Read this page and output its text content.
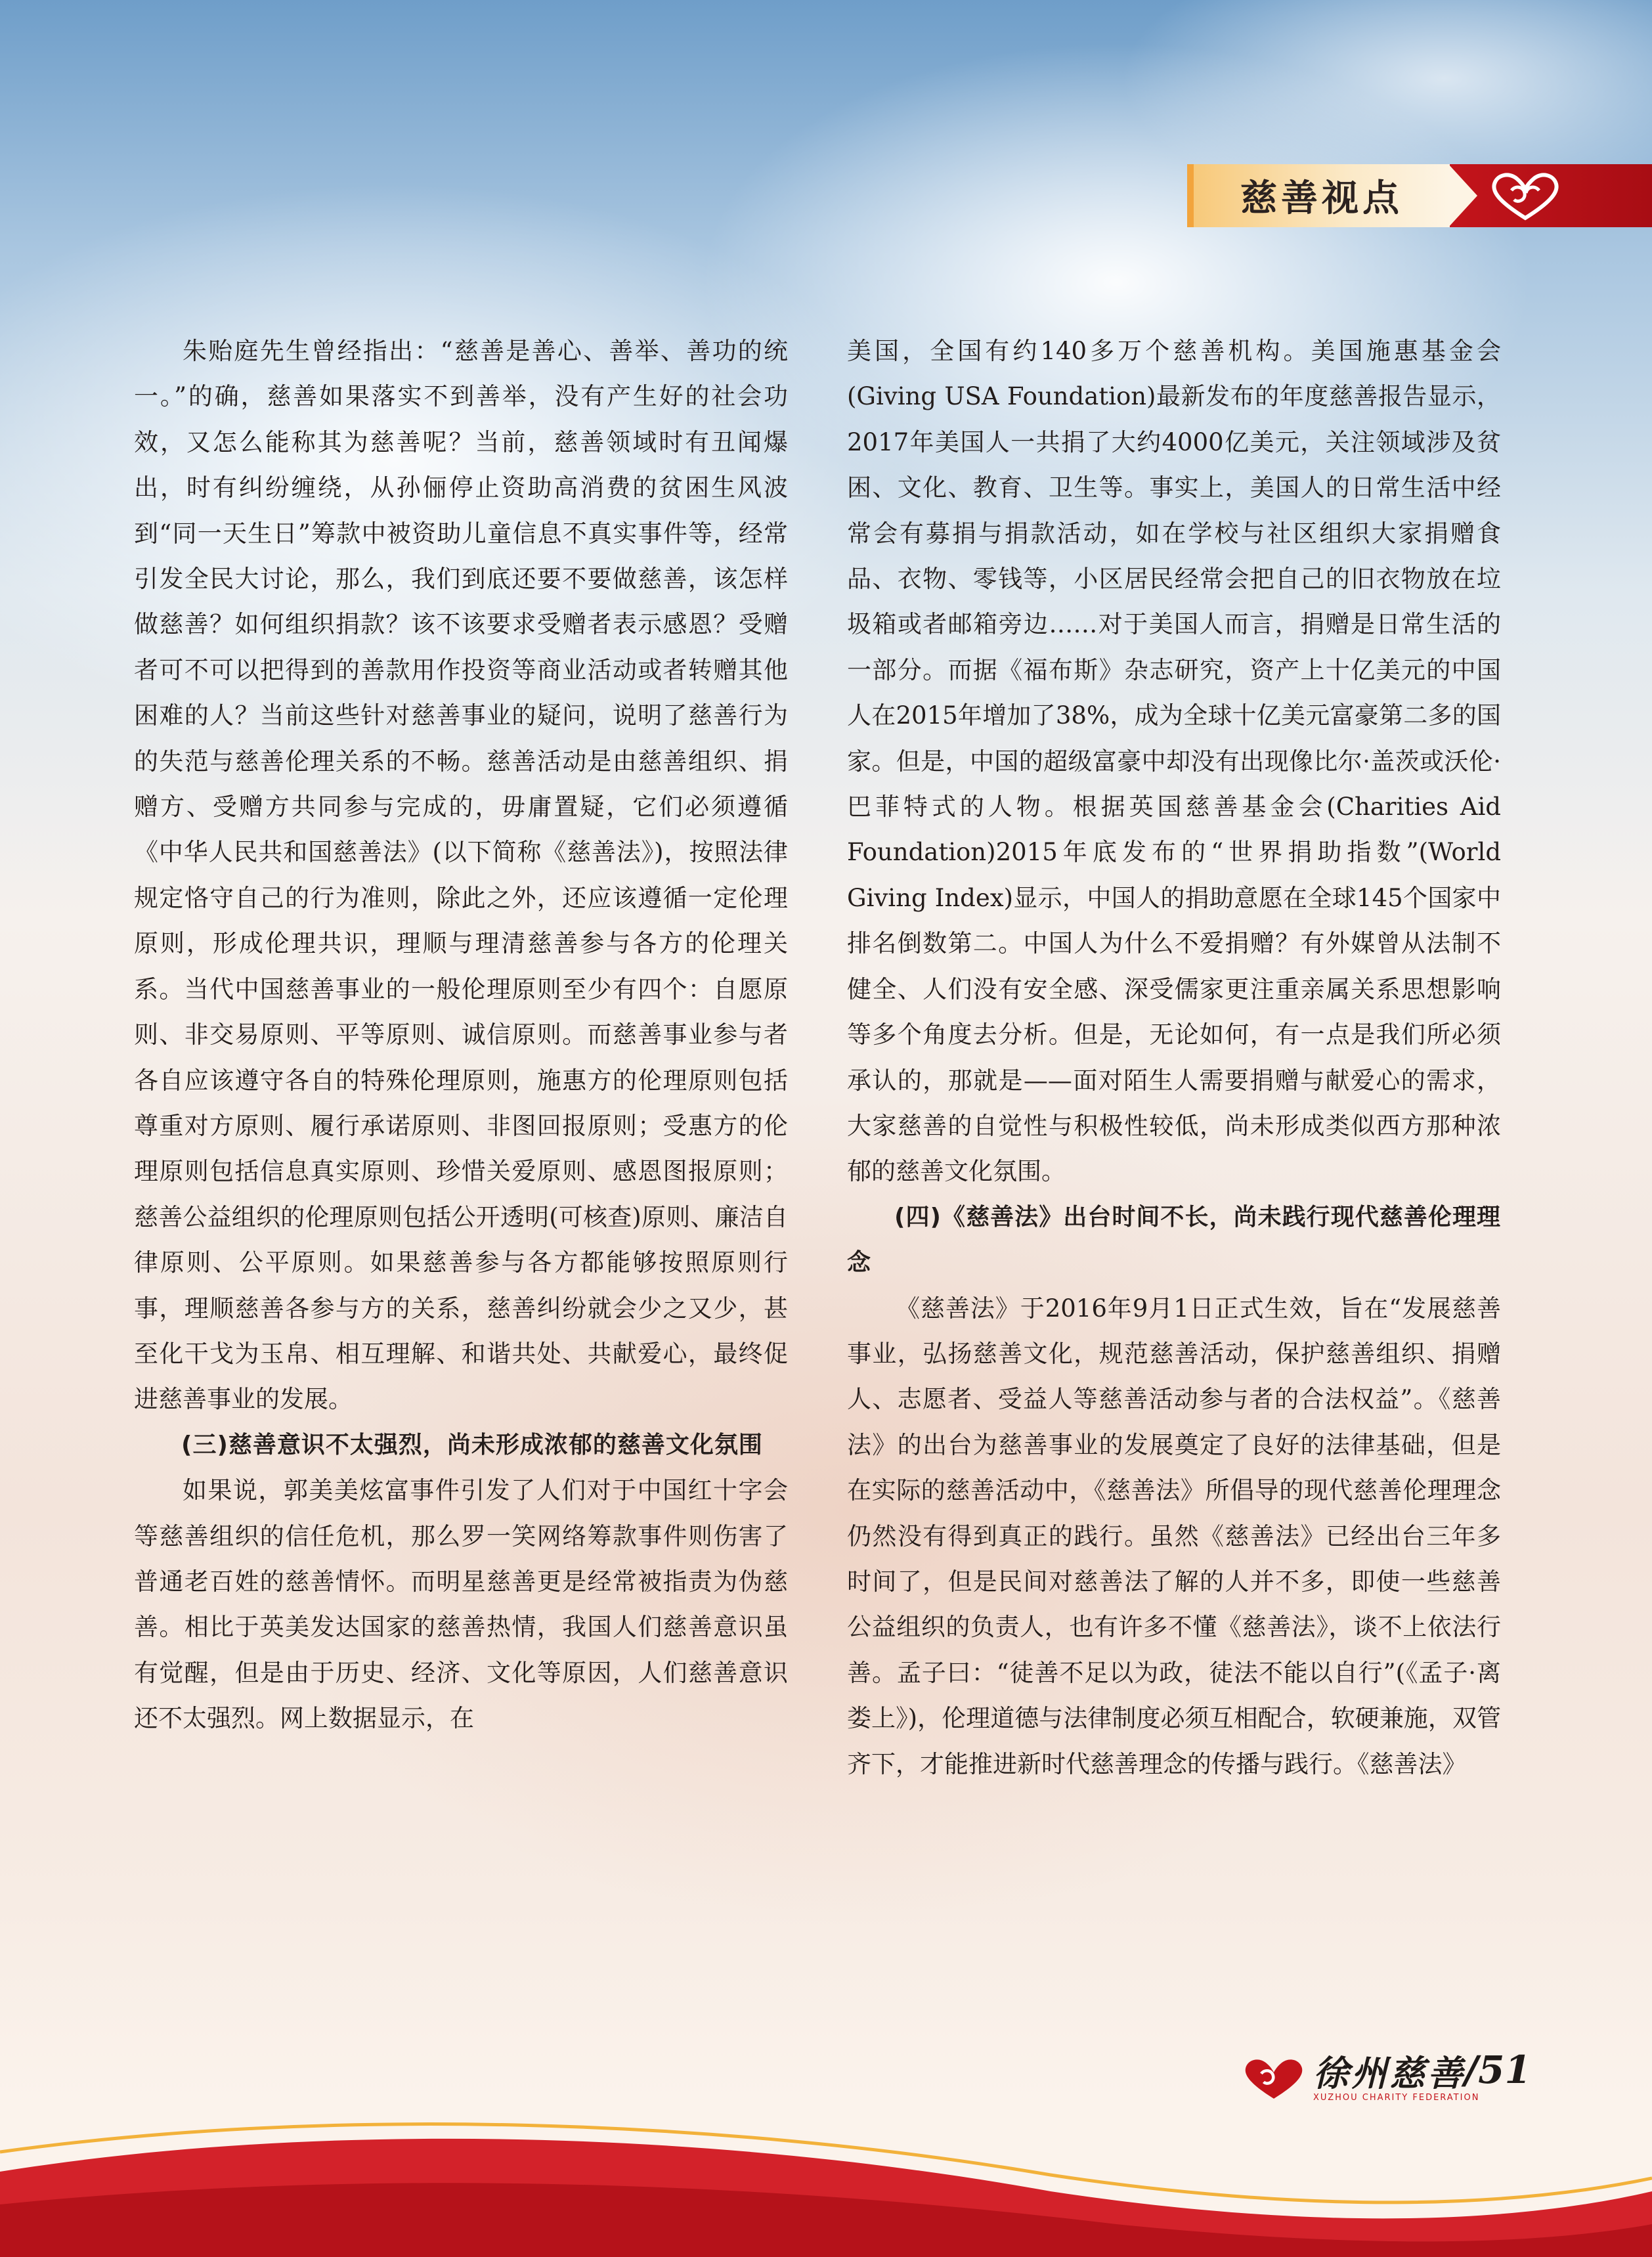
慈善视点

朱贻庭先生曾经指出：“慈善是善心、善举、善功的统一。”的确，慈善如果落实不到善举，没有产生好的社会功效，又怎么能称其为慈善呢？当前，慈善领域时有丑闻爆出，时有纠纷缠绕，从孙俪停止资助高消费的贫困生风波到“同一天生日”筹款中被资助儿童信息不真实事件等，经常引发全民大讨论，那么，我们到底还要不要做慈善，该怎样做慈善？如何组织捐款？该不该要求受赠者表示感恩？受赠者可不可以把得到的善款用作投资等商业活动或者转赠其他困难的人？当前这些针对慈善事业的疑问，说明了慈善行为的失范与慈善伦理关系的不畅。慈善活动是由慈善组织、捐赠方、受赠方共同参与完成的，毋庸置疑，它们必须遵循《中华人民共和国慈善法》(以下简称《慈善法》)，按照法律规定恪守自己的行为准则，除此之外，还应该遵循一定伦理原则，形成伦理共识，理顺与理清慈善参与各方的伦理关系。当代中国慈善事业的一般伦理原则至少有四个：自愿原则、非交易原则、平等原则、诚信原则。而慈善事业参与者各自应该遵守各自的特殊伦理原则，施惠方的伦理原则包括尊重对方原则、履行承诺原则、非图回报原则；受惠方的伦理原则包括信息真实原则、珍惜关爱原则、感恩图报原则；慈善公益组织的伦理原则包括公开透明(可核查)原则、廉洁自律原则、公平原则。如果慈善参与各方都能够按照原则行事，理顺慈善各参与方的关系，慈善纠纷就会少之又少，甚至化干戈为玉帛、相互理解、和谐共处、共献爱心，最终促进慈善事业的发展。

(三)慈善意识不太强烈，尚未形成浓郁的慈善文化氛围

如果说，郭美美炫富事件引发了人们对于中国红十字会等慈善组织的信任危机，那么罗一笑网络筹款事件则伤害了普通老百姓的慈善情怀。而明星慈善更是经常被指责为伪慈善。相比于英美发达国家的慈善热情，我国人们慈善意识虽有觉醒，但是由于历史、经济、文化等原因，人们慈善意识还不太强烈。网上数据显示，在

美国，全国有约140多万个慈善机构。美国施惠基金会(Giving USA Foundation)最新发布的年度慈善报告显示，2017年美国人一共捐了大约4000亿美元，关注领域涉及贫困、文化、教育、卫生等。事实上，美国人的日常生活中经常会有募捐与捐款活动，如在学校与社区组织大家捐赠食品、衣物、零钱等，小区居民经常会把自己的旧衣物放在垃圾箱或者邮箱旁边……对于美国人而言，捐赠是日常生活的一部分。而据《福布斯》杂志研究，资产上十亿美元的中国人在2015年增加了38%，成为全球十亿美元富豪第二多的国家。但是，中国的超级富豪中却没有出现像比尔·盖茨或沃伦·巴菲特式的人物。根据英国慈善基金会(Charities Aid Foundation)2015年底发布的“世界捐助指数”(World Giving Index)显示，中国人的捐助意愿在全球145个国家中排名倒数第二。中国人为什么不爱捐赠？有外媒曾从法制不健全、人们没有安全感、深受儒家更注重亲属关系思想影响等多个角度去分析。但是，无论如何，有一点是我们所必须承认的，那就是——面对陌生人需要捐赠与献爱心的需求，大家慈善的自觉性与积极性较低，尚未形成类似西方那种浓郁的慈善文化氛围。

(四)《慈善法》出台时间不长，尚未践行现代慈善伦理理念

《慈善法》于2016年9月1日正式生效，旨在“发展慈善事业，弘扬慈善文化，规范慈善活动，保护慈善组织、捐赠人、志愿者、受益人等慈善活动参与者的合法权益”。《慈善法》的出台为慈善事业的发展奠定了良好的法律基础，但是在实际的慈善活动中，《慈善法》所倡导的现代慈善伦理理念仍然没有得到真正的践行。虽然《慈善法》已经出台三年多时间了，但是民间对慈善法了解的人并不多，即使一些慈善公益组织的负责人，也有许多不懂《慈善法》，谈不上依法行善。孟子曰：“徒善不足以为政，徒法不能以自行”(《孟子·离娄上》)，伦理道德与法律制度必须互相配合，软硬兼施，双管齐下，才能推进新时代慈善理念的传播与践行。《慈善法》

徐州慈善
XUZHOU CHARITY FEDERATION
/51
